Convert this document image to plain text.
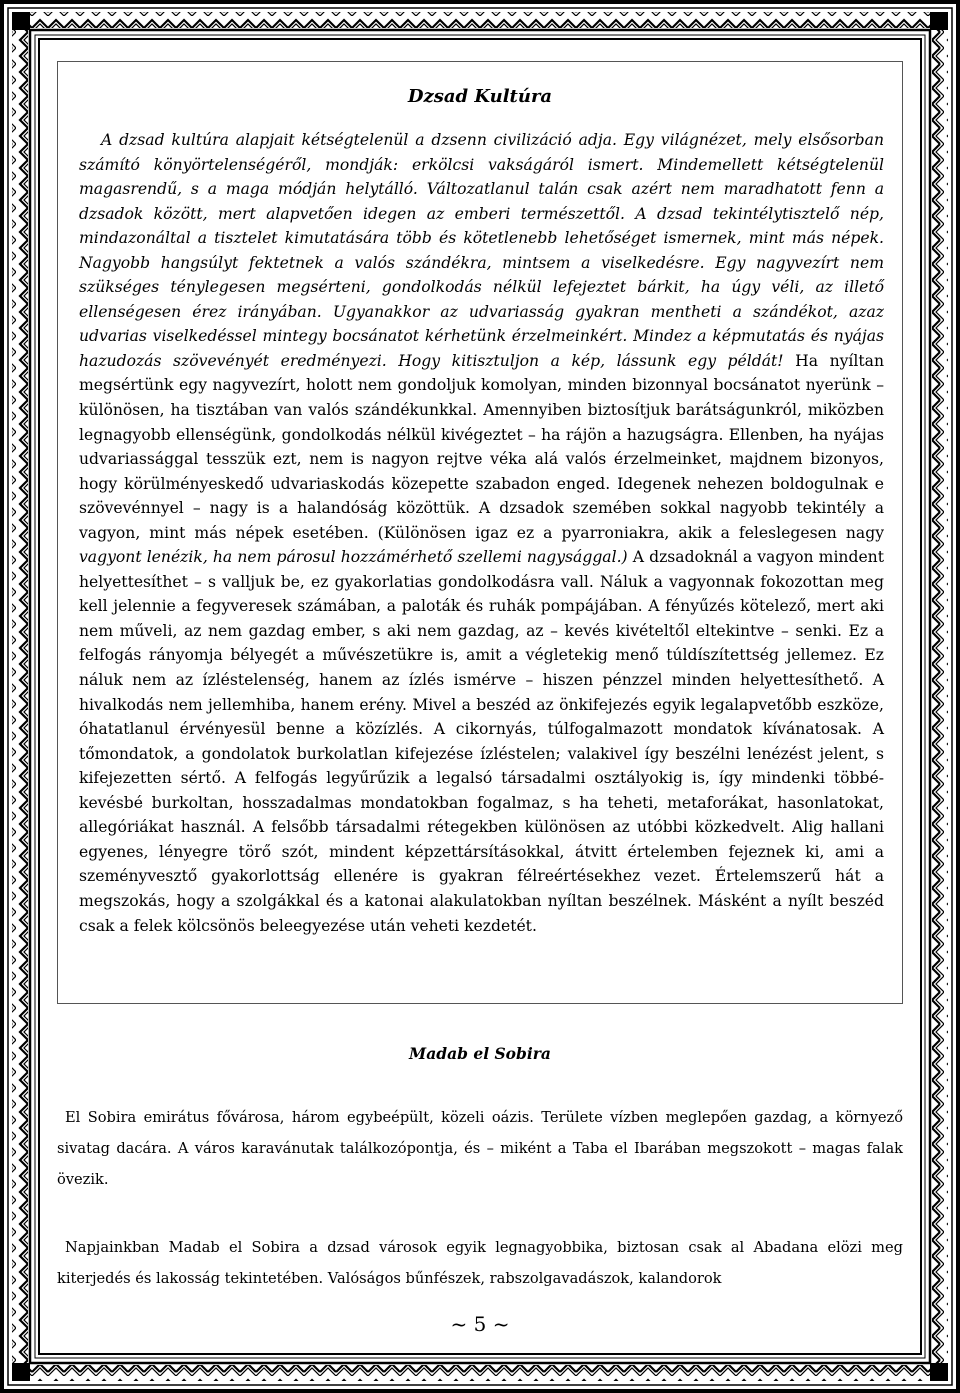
Dzsad Kultúra

A dzsad kultúra alapjait kétségtelenül a dzsenn civilizáció adja. Egy világnézet, mely elsősorban számító könyörtelenségéről, mondják: erkölcsi vakságáról ismert. Mindemellett kétségtelenül magasrendű, s a maga módján helytálló. Változatlanul talán csak azért nem maradhatott fenn a dzsadok között, mert alapvetően idegen az emberi természettől. A dzsad tekintélytisztelő nép, mindazonáltal a tisztelet kimutatására több és kötetlenebb lehetőséget ismernek, mint más népek. Nagyobb hangsúlyt fektetnek a valós szándékra, mintsem a viselkedésre. Egy nagyvezírt nem szükséges ténylegesen megsérteni, gondolkodás nélkül lefejeztet bárkit, ha úgy véli, az illető ellenségesen érez irányában. Ugyanakkor az udvariasság gyakran mentheti a szándékot, azaz udvarias viselkedéssel mintegy bocsánatot kérhetünk érzelmeinkért. Mindez a képmutatás és nyájas hazudozás szövevényét eredményezi. Hogy kitisztuljon a kép, lássunk egy példát! Ha nyíltan megsértünk egy nagyvezírt, holott nem gondoljuk komolyan, minden bizonnyal bocsánatot nyerünk – különösen, ha tisztában van valós szándékunkkal. Amennyiben biztosítjuk barátságunkról, miközben legnagyobb ellenségünk, gondolkodás nélkül kivégeztet – ha rájön a hazugságra. Ellenben, ha nyájas udvariassággal tesszük ezt, nem is nagyon rejtve véka alá valós érzelmeinket, majdnem bizonyos, hogy körülményeskedő udvariaskodás közepette szabadon enged. Idegenek nehezen boldogulnak e szövevénnyel – nagy is a halandóság közöttük. A dzsadok szemében sokkal nagyobb tekintély a vagyon, mint más népek esetében. (Különösen igaz ez a pyarroniakra, akik a feleslegesen nagy vagyont lenézik, ha nem párosul hozzámérhető szellemi nagysággal.) A dzsadoknál a vagyon mindent helyettesíthet – s valljuk be, ez gyakorlatias gondolkodásra vall. Náluk a vagyonnak fokozottan meg kell jelennie a fegyveresek számában, a paloták és ruhák pompájában. A fényűzés kötelező, mert aki nem műveli, az nem gazdag ember, s aki nem gazdag, az – kevés kivételtől eltekintve – senki. Ez a felfogás rányomja bélyegét a művészetükre is, amit a végletekig menő túldíszítettség jellemez. Ez náluk nem az ízléstelenség, hanem az ízlés ismérve – hiszen pénzzel minden helyettesíthető. A hivalkodás nem jellemhiba, hanem erény. Mivel a beszéd az önkifejezés egyik legalapvetőbb eszköze, óhatatlanul érvényesül benne a közízlés. A cikornyás, túlfogalmazott mondatok kívánatosak. A tőmondatok, a gondolatok burkolatlan kifejezése ízléstelen; valakivel így beszélni lenézést jelent, s kifejezetten sértő. A felfogás legyűrűzik a legalsó társadalmi osztályokig is, így mindenki többé-kevésbé burkoltan, hosszadalmas mondatokban fogalmaz, s ha teheti, metaforákat, hasonlatokat, allegóriákat használ. A felsőbb társadalmi rétegekben különösen az utóbbi közkedvelt. Alig hallani egyenes, lényegre törő szót, mindent képzettársításokkal, átvitt értelemben fejeznek ki, ami a szeményvesztő gyakorlottság ellenére is gyakran félreértésekhez vezet. Értelemszerű hát a megszokás, hogy a szolgákkal és a katonai alakulatokban nyíltan beszélnek. Másként a nyílt beszéd csak a felek kölcsönös beleegyezése után veheti kezdetét.

Madab el Sobira
El Sobira emirátus fővárosa, három egybeépült, közeli oázis. Területe vízben meglepően gazdag, a környező sivatag dacára. A város karavánutak találkozópontja, és – miként a Taba el Ibarában megszokott – magas falak övezik.
Napjainkban Madab el Sobira a dzsad városok egyik legnagyobbika, biztosan csak al Abadana elözi meg kiterjedés és lakosság tekintetében. Valóságos bűnfészek, rabszolgavadászok, kalandorok
~ 5 ~
